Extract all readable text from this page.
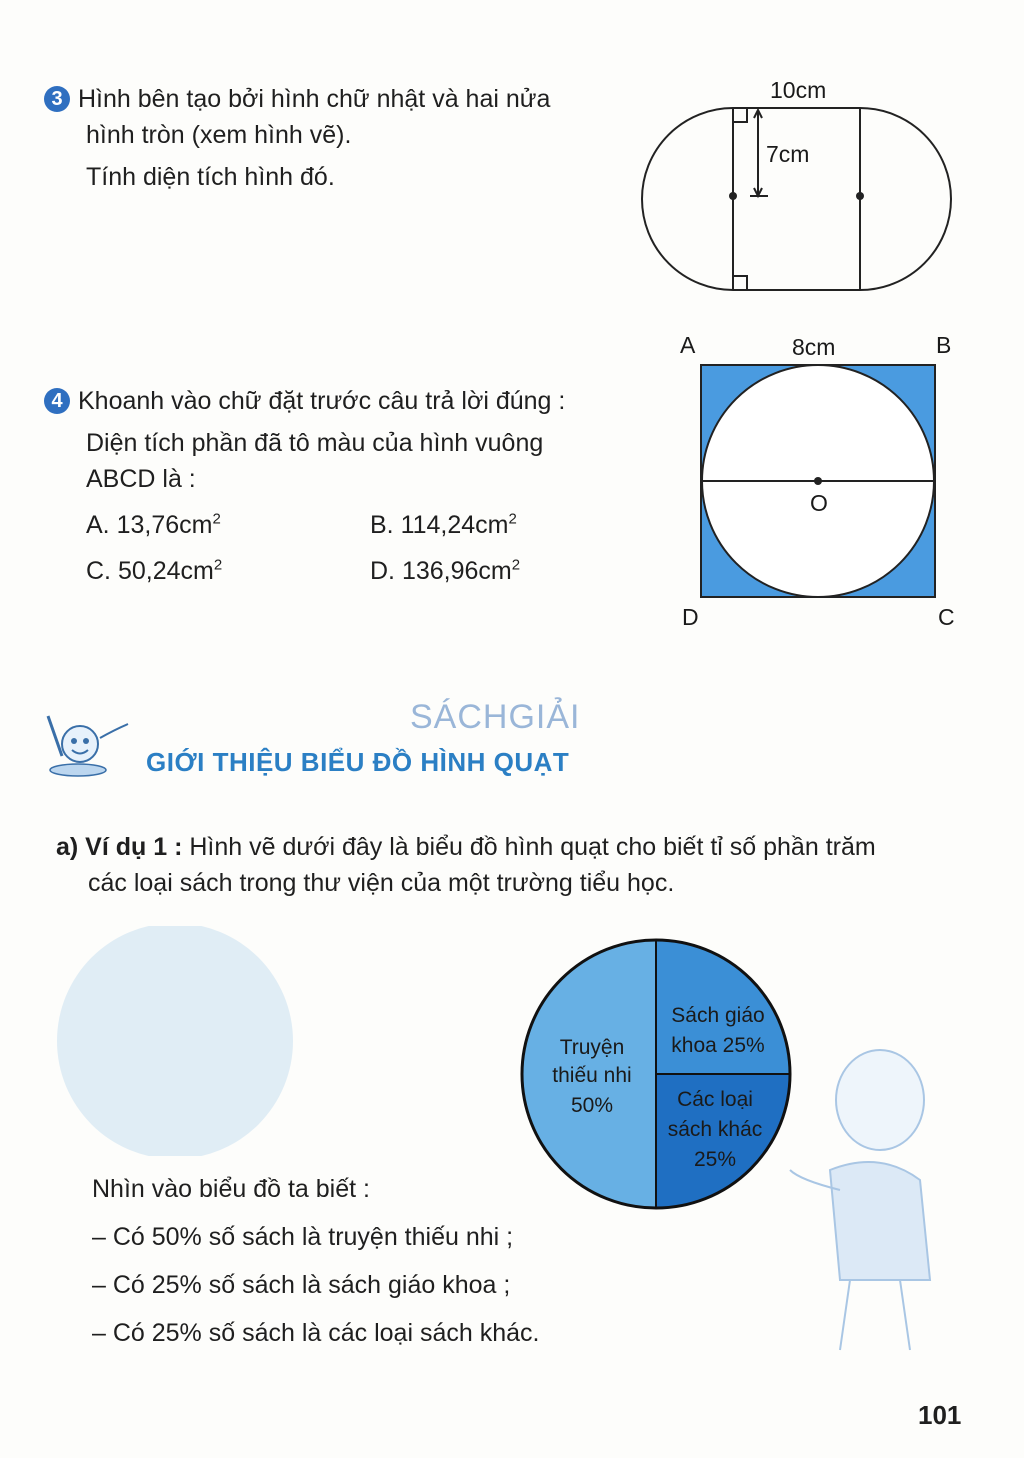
3 Hình bên tạo bởi hình chữ nhật và hai nửa
hình tròn (xem hình vẽ).
Tính diện tích hình đó.
10cm
7cm
4 Khoanh vào chữ đặt trước câu trả lời đúng :
Diện tích phần đã tô màu của hình vuông
ABCD là :
A. $13,76cm^2$	B. $114,24cm^2$
C. $50,24cm^2$	D. $136,96cm^2$
A	B
D	C
O
8cm
SÁCHGIẢI
GIỚI THIỆU BIỂU ĐỒ HÌNH QUẠT
a) Ví dụ 1 : Hình vẽ dưới đây là biểu đồ hình quạt cho biết tỉ số phần trăm
các loại sách trong thư viện của một trường tiểu học.
Truyện
thiếu nhi
50%
Sách giáo
khoa 25%
Các loại
sách khác
25%
Nhìn vào biểu đồ ta biết :
– Có 50% số sách là truyện thiếu nhi ;
– Có 25% số sách là sách giáo khoa ;
– Có 25% số sách là các loại sách khác.
101
